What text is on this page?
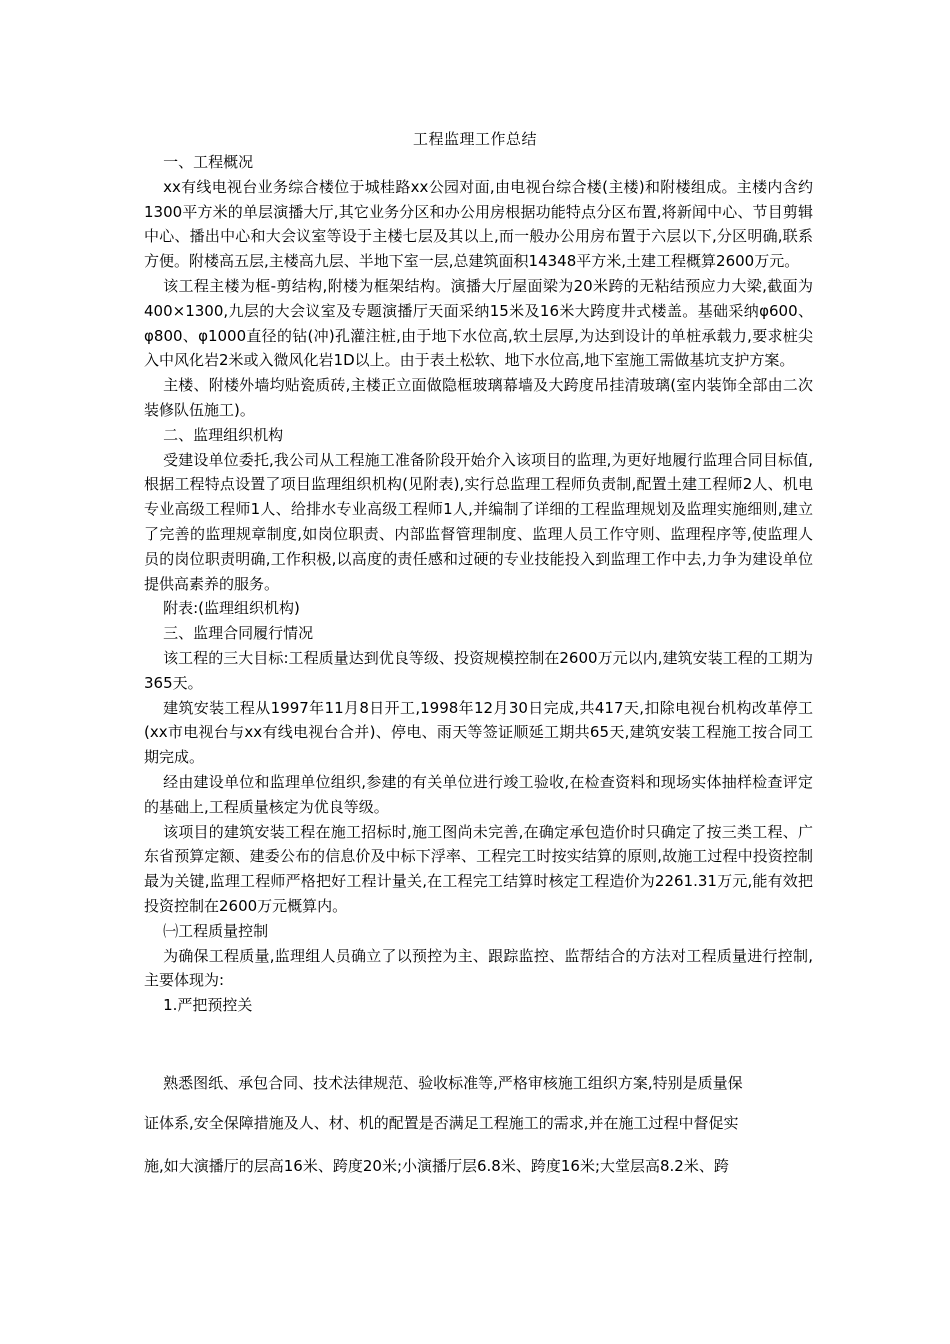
工程监理工作总结

一、工程概况

xx有线电视台业务综合楼位于城桂路xx公园对面,由电视台综合楼(主楼)和附楼组成。主楼内含约1300平方米的单层演播大厅,其它业务分区和办公用房根据功能特点分区布置,将新闻中心、节目剪辑中心、播出中心和大会议室等设于主楼七层及其以上,而一般办公用房布置于六层以下,分区明确,联系方便。附楼高五层,主楼高九层、半地下室一层,总建筑面积14348平方米,土建工程概算2600万元。

该工程主楼为框-剪结构,附楼为框架结构。演播大厅屋面梁为20米跨的无粘结预应力大梁,截面为400×1300,九层的大会议室及专题演播厅天面采纳15米及16米大跨度井式楼盖。基础采纳φ600、φ800、φ1000直径的钻(冲)孔灌注桩,由于地下水位高,软土层厚,为达到设计的单桩承载力,要求桩尖入中风化岩2米或入微风化岩1D以上。由于表土松软、地下水位高,地下室施工需做基坑支护方案。

主楼、附楼外墙均贴瓷质砖,主楼正立面做隐框玻璃幕墙及大跨度吊挂清玻璃(室内装饰全部由二次装修队伍施工)。

二、监理组织机构

受建设单位委托,我公司从工程施工准备阶段开始介入该项目的监理,为更好地履行监理合同目标值,根据工程特点设置了项目监理组织机构(见附表),实行总监理工程师负责制,配置土建工程师2人、机电专业高级工程师1人、给排水专业高级工程师1人,并编制了详细的工程监理规划及监理实施细则,建立了完善的监理规章制度,如岗位职责、内部监督管理制度、监理人员工作守则、监理程序等,使监理人员的岗位职责明确,工作积极,以高度的责任感和过硬的专业技能投入到监理工作中去,力争为建设单位提供高素养的服务。

附表:(监理组织机构)

三、监理合同履行情况

该工程的三大目标:工程质量达到优良等级、投资规模控制在2600万元以内,建筑安装工程的工期为365天。

建筑安装工程从1997年11月8日开工,1998年12月30日完成,共417天,扣除电视台机构改革停工(xx市电视台与xx有线电视台合并)、停电、雨天等签证顺延工期共65天,建筑安装工程施工按合同工期完成。

经由建设单位和监理单位组织,参建的有关单位进行竣工验收,在检查资料和现场实体抽样检查评定的基础上,工程质量核定为优良等级。

该项目的建筑安装工程在施工招标时,施工图尚未完善,在确定承包造价时只确定了按三类工程、广东省预算定额、建委公布的信息价及中标下浮率、工程完工时按实结算的原则,故施工过程中投资控制最为关键,监理工程师严格把好工程计量关,在工程完工结算时核定工程造价为2261.31万元,能有效把投资控制在2600万元概算内。

㈠工程质量控制

为确保工程质量,监理组人员确立了以预控为主、跟踪监控、监帮结合的方法对工程质量进行控制,主要体现为:

1.严把预控关

熟悉图纸、承包合同、技术法律规范、验收标准等,严格审核施工组织方案,特别是质量保
证体系,安全保障措施及人、材、机的配置是否满足工程施工的需求,并在施工过程中督促实
施,如大演播厅的层高16米、跨度20米;小演播厅层6.8米、跨度16米;大堂层高8.2米、跨
